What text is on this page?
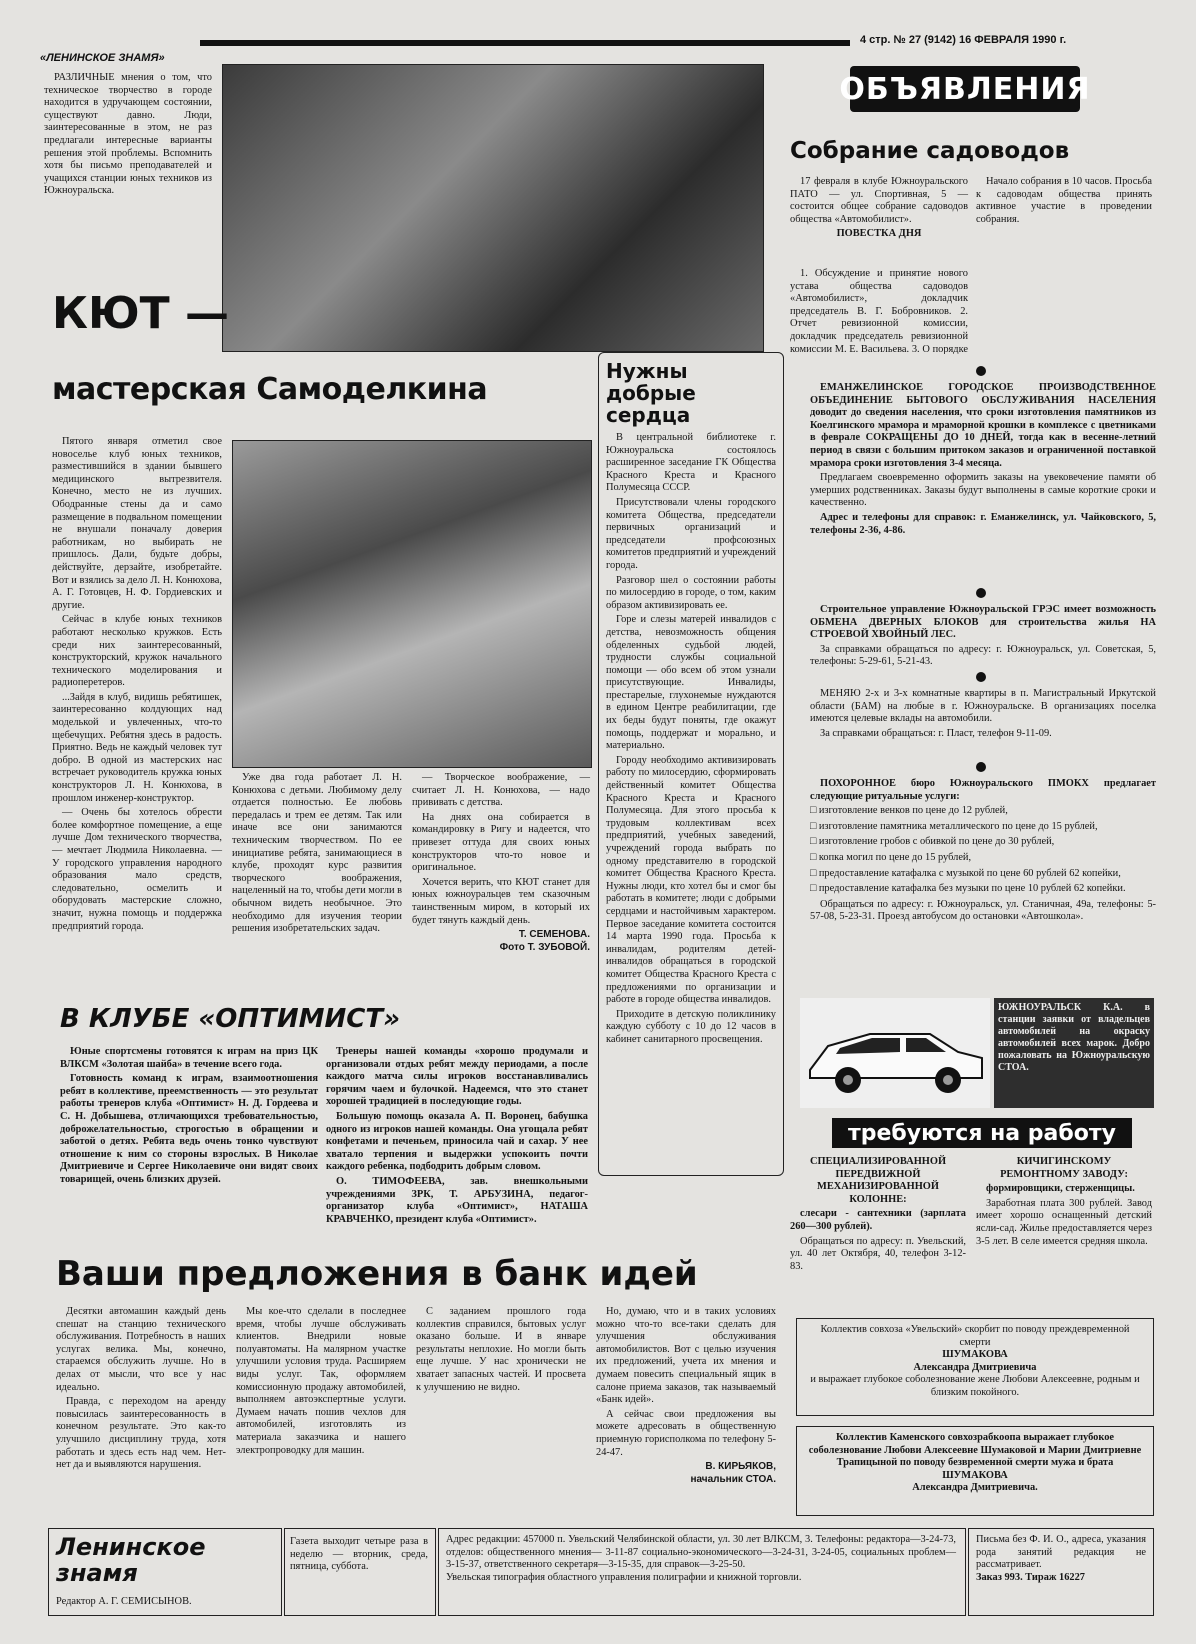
«ЛЕНИНСКОЕ ЗНАМЯ»
4 стр. № 27 (9142) 16 ФЕВРАЛЯ 1990 г.

РАЗЛИЧНЫЕ мнения о том, что техническое творчество в городе находится в удручающем состоянии, существуют давно. Люди, заинтересованные в этом, не раз предлагали интересные варианты решения этой проблемы. Вспомнить хотя бы письмо преподавателей и учащихся станции юных техников из Южноуральска.

КЮТ —
мастерская Самоделкина

Пятого января отметил свое новоселье клуб юных техников, разместившийся в здании бывшего медицинского вытрезвителя. Конечно, место не из лучших. Ободранные стены да и само размещение в подвальном помещении не внушали поначалу доверия работникам, но выбирать не пришлось. Дали, будьте добры, действуйте, дерзайте, изобретайте. Вот и взялись за дело Л. Н. Конюхова, А. Г. Готовцев, Н. Ф. Гордиевских и другие.

Сейчас в клубе юных техников работают несколько кружков. Есть среди них заинтересованный, конструкторский, кружок начального технического моделирования и радиоперетеров.

...Зайдя в клуб, видишь ребятишек, заинтересованно колдующих над моделькой и увлеченных, что-то щебечущих. Ребятня здесь в радость. Приятно. Ведь не каждый человек тут добро. В одной из мастерских нас встречает руководитель кружка юных конструкторов Л. Н. Конюхова, в прошлом инженер-конструктор.

— Очень бы хотелось обрести более комфортное помещение, а еще лучше Дом технического творчества, — мечтает Людмила Николаевна. — У городского управления народного образования мало средств, следовательно, осмелить и оборудовать мастерские сложно, значит, нужна помощь и поддержка предприятий города.

Уже два года работает Л. Н. Конюхова с детьми. Любимому делу отдается полностью. Ее любовь передалась и трем ее детям. Так или иначе все они занимаются техническим творчеством. По ее инициативе ребята, занимающиеся в клубе, проходят курс развития творческого воображения, нацеленный на то, чтобы дети могли в обычном видеть необычное. Это необходимо для изучения теории решения изобретательских задач.

— Творческое воображение, — считает Л. Н. Конюхова, — надо прививать с детства.

На днях она собирается в командировку в Ригу и надеется, что привезет оттуда для своих юных конструкторов что-то новое и оригинальное.

Хочется верить, что КЮТ станет для юных южноуральцев тем сказочным таинственным миром, в который их будет тянуть каждый день.

Т. СЕМЕНОВА.
Фото Т. ЗУБОВОЙ.
Нужны добрые сердца

В центральной библиотеке г. Южноуральска состоялось расширенное заседание ГК Общества Красного Креста и Красного Полумесяца СССР.

Присутствовали члены городского комитета Общества, председатели первичных организаций и председатели профсоюзных комитетов предприятий и учреждений города.

Разговор шел о состоянии работы по милосердию в городе, о том, каким образом активизировать ее.

Горе и слезы матерей инвалидов с детства, невозможность общения обделенных судьбой людей, трудности службы социальной помощи — обо всем об этом узнали присутствующие. Инвалиды, престарелые, глухонемые нуждаются в едином Центре реабилитации, где их беды будут поняты, где окажут помощь, поддержат и морально, и материально.

Городу необходимо активизировать работу по милосердию, сформировать действенный комитет Общества Красного Креста и Красного Полумесяца. Для этого просьба к трудовым коллективам всех предприятий, учебных заведений, учреждений города выбрать по одному представителю в городской комитет Общества Красного Креста. Нужны люди, кто хотел бы и смог бы работать в комитете; люди с добрыми сердцами и настойчивым характером. Первое заседание комитета состоится 14 марта 1990 года. Просьба к инвалидам, родителям детей-инвалидов обращаться в городской комитет Общества Красного Креста с предложениями по организации и работе в городе общества инвалидов.

Приходите в детскую поликлинику каждую субботу с 10 до 12 часов в кабинет санитарного просвещения.

В КЛУБЕ «ОПТИМИСТ»

Юные спортсмены готовятся к играм на приз ЦК ВЛКСМ «Золотая шайба» в течение всего года.

Готовность команд к играм, взаимоотношения ребят в коллективе, преемственность — это результат работы тренеров клуба «Оптимист» Н. Д. Гордеева и С. Н. Добышева, отличающихся требовательностью, доброжелательностью, строгостью в обращении и заботой о детях. Ребята ведь очень тонко чувствуют отношение к ним со стороны взрослых. В Николае Дмитриевиче и Сергее Николаевиче они видят своих товарищей, очень близких друзей.

Тренеры нашей команды «хорошо продумали и организовали отдых ребят между периодами, а после каждого матча силы игроков восстанавливались горячим чаем и булочкой. Надеемся, что это станет хорошей традицией в последующие годы.

Большую помощь оказала А. П. Воронец, бабушка одного из игроков нашей команды. Она угощала ребят конфетами и печеньем, приносила чай и сахар. У нее хватало терпения и выдержки успокоить почти каждого ребенка, подбодрить добрым словом.

О. ТИМОФЕЕВА, зав. внешкольными учреждениями ЗРК, Т. АРБУЗИНА, педагог-организатор клуба «Оптимист», НАТАША КРАВЧЕНКО, президент клуба «Оптимист».

Ваши предложения в банк идей

Десятки автомашин каждый день спешат на станцию технического обслуживания. Потребность в наших услугах велика. Мы, конечно, стараемся обслужить лучше. Но в делах от мысли, что все у нас идеально.

Правда, с переходом на аренду повысилась заинтересованность в конечном результате. Это как-то улучшило дисциплину труда, хотя работать и здесь есть над чем. Нет-нет да и выявляются нарушения.

Мы кое-что сделали в последнее время, чтобы лучше обслуживать клиентов. Внедрили новые полуавтоматы. На малярном участке улучшили условия труда. Расширяем виды услуг. Так, оформляем комиссионную продажу автомобилей, выполняем автоэкспертные услуги. Думаем начать пошив чехлов для автомобилей, изготовлять из материала заказчика и нашего электропроводку для машин.

С заданием прошлого года коллектив справился, бытовых услуг оказано больше. И в январе результаты неплохие. Но могли быть еще лучше. У нас хронически не хватает запасных частей. И просвета к улучшению не видно.

Но, думаю, что и в таких условиях можно что-то все-таки сделать для улучшения обслуживания автомобилистов. Вот с целью изучения их предложений, учета их мнения и думаем повесить специальный ящик в салоне приема заказов, так называемый «Банк идей».

А сейчас свои предложения вы можете адресовать в общественную приемную горисполкома по телефону 5-24-47.

В. КИРЬЯКОВ,
начальник СТОА.
ОБЪЯВЛЕНИЯ
Собрание садоводов

17 февраля в клубе Южноуральского ПАТО — ул. Спортивная, 5 — состоится общее собрание садоводов общества «Автомобилист».

ПОВЕСТКА ДНЯ

1. Обсуждение и принятие нового устава общества садоводов «Автомобилист», докладчик председатель В. Г. Бобровников. 2. Отчет ревизионной комиссии, докладчик председатель ревизионной комиссии М. Е. Васильева. 3. О порядке

Начало собрания в 10 часов. Просьба к садоводам общества принять активное участие в проведении собрания.

ЕМАНЖЕЛИНСКОЕ ГОРОДСКОЕ ПРОИЗВОДСТВЕННОЕ ОБЪЕДИНЕНИЕ БЫТОВОГО ОБСЛУЖИВАНИЯ НАСЕЛЕНИЯ доводит до сведения населения, что сроки изготовления памятников из Коелгинского мрамора и мраморной крошки в комплексе с цветниками в феврале СОКРАЩЕНЫ ДО 10 ДНЕЙ, тогда как в весенне-летний период в связи с большим притоком заказов и ограниченной поставкой мрамора сроки изготовления 3-4 месяца.

Предлагаем своевременно оформить заказы на увековечение памяти об умерших родственниках. Заказы будут выполнены в самые короткие сроки и качественно.

Адрес и телефоны для справок: г. Еманжелинск, ул. Чайковского, 5, телефоны 2-36, 4-86.

Строительное управление Южноуральской ГРЭС имеет возможность ОБМЕНА ДВЕРНЫХ БЛОКОВ для строительства жилья НА СТРОЕВОЙ ХВОЙНЫЙ ЛЕС.

За справками обращаться по адресу: г. Южноуральск, ул. Советская, 5, телефоны: 5-29-61, 5-21-43.

МЕНЯЮ 2-х и 3-х комнатные квартиры в п. Магистральный Иркутской области (БАМ) на любые в г. Южноуральске. В организациях поселка имеются целевые вклады на автомобили.

За справками обращаться: г. Пласт, телефон 9-11-09.

ПОХОРОННОЕ бюро Южноуральского ПМОКХ предлагает следующие ритуальные услуги:

□ изготовление венков по цене до 12 рублей,
□ изготовление памятника металлического по цене до 15 рублей,
□ изготовление гробов с обивкой по цене до 30 рублей,
□ копка могил по цене до 15 рублей,
□ предоставление катафалка с музыкой по цене 60 рублей 62 копейки,
□ предоставление катафалка без музыки по цене 10 рублей 62 копейки.

Обращаться по адресу: г. Южноуральск, ул. Станичная, 49а, телефоны: 5-57-08, 5-23-31. Проезд автобусом до остановки «Автошкола».

ЮЖНОУРАЛЬСК К.А. в станции заявки от владельцев автомобилей на окраску автомобилей всех марок. Добро пожаловать на Южноуральскую СТОА.
требуются на работу

СПЕЦИАЛИЗИРОВАННОЙ ПЕРЕДВИЖНОЙ МЕХАНИЗИРОВАННОЙ КОЛОННЕ:

слесари - сантехники (зарплата 260—300 рублей).

Обращаться по адресу: п. Увельский, ул. 40 лет Октября, 40, телефон 3-12-83.

КИЧИГИНСКОМУ РЕМОНТНОМУ ЗАВОДУ:

формировщики, стерженщицы.

Заработная плата 300 рублей. Завод имеет хорошо оснащенный детский ясли-сад. Жилье предоставляется через 3-5 лет. В селе имеется средняя школа.

Коллектив совхоза «Увельский» скорбит по поводу преждевременной смерти
ШУМАКОВА
Александра Дмитриевича
и выражает глубокое соболезнование жене Любови Алексеевне, родным и близким покойного.
Коллектив Каменского совхозрабкоопа выражает глубокое соболезнование Любови Алексеевне Шумаковой и Марии Дмитриевне Трапицыной по поводу безвременной смерти мужа и брата
ШУМАКОВА
Александра Дмитриевича.
Ленинское знамя
Редактор А. Г. СЕМИСЫНОВ.
Газета выходит четыре раза в неделю — вторник, среда, пятница, суббота.
Адрес редакции: 457000 п. Увельский Челябинской области, ул. 30 лет ВЛКСМ, 3. Телефоны: редактора—3-24-73, отделов: общественного мнения— 3-11-87 социально-экономического—3-24-31, 3-24-05, социальных проблем—3-15-37, ответственного секретаря—3-15-35, для справок—3-25-50.
Увельская типография областного управления полиграфии и книжной торговли.
Письма без Ф. И. О., адреса, указания рода занятий редакция не рассматривает.
Заказ 993. Тираж 16227
